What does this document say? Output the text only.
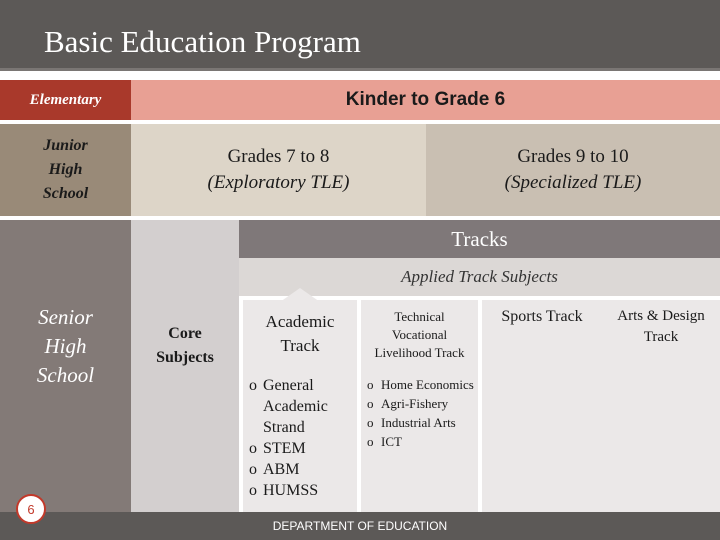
Basic Education Program
Elementary	Kinder to Grade 6
Junior
High
School
Grades 7 to 8
(Exploratory TLE)
Grades 9 to 10
(Specialized TLE)
Senior
High
School
Core
Subjects
Tracks
Applied Track Subjects
Academic
Track
o General Academic Strand
o STEM
o ABM
o HUMSS
Technical
Vocational
Livelihood Track
o Home Economics
o Agri-Fishery
o Industrial Arts
o ICT
Sports Track	Arts & Design
Track
DEPARTMENT OF EDUCATION
6
